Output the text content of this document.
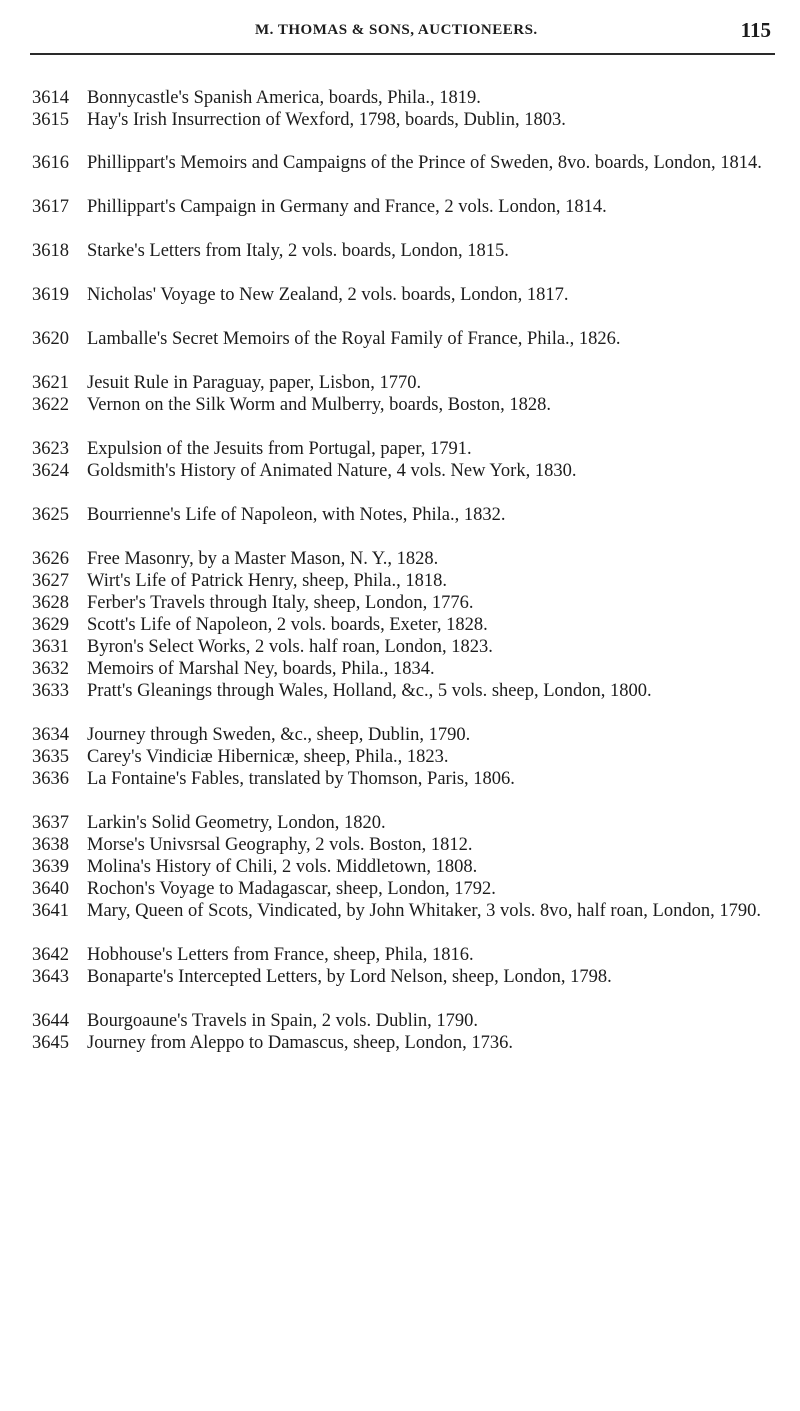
M. THOMAS & SONS, AUCTIONEERS.	115
3614 Bonnycastle's Spanish America, boards, Phila., 1819.
3615 Hay's Irish Insurrection of Wexford, 1798, boards, Dublin, 1803.
3616 Phillippart's Memoirs and Campaigns of the Prince of Sweden, 8vo. boards, London, 1814.
3617 Phillippart's Campaign in Germany and France, 2 vols. London, 1814.
3618 Starke's Letters from Italy, 2 vols. boards, London, 1815.
3619 Nicholas' Voyage to New Zealand, 2 vols. boards, London, 1817.
3620 Lamballe's Secret Memoirs of the Royal Family of France, Phila., 1826.
3621 Jesuit Rule in Paraguay, paper, Lisbon, 1770.
3622 Vernon on the Silk Worm and Mulberry, boards, Boston, 1828.
3623 Expulsion of the Jesuits from Portugal, paper, 1791.
3624 Goldsmith's History of Animated Nature, 4 vols. New York, 1830.
3625 Bourrienne's Life of Napoleon, with Notes, Phila., 1832.
3626 Free Masonry, by a Master Mason, N. Y., 1828.
3627 Wirt's Life of Patrick Henry, sheep, Phila., 1818.
3628 Ferber's Travels through Italy, sheep, London, 1776.
3629 Scott's Life of Napoleon, 2 vols. boards, Exeter, 1828.
3631 Byron's Select Works, 2 vols. half roan, London, 1823.
3632 Memoirs of Marshal Ney, boards, Phila., 1834.
3633 Pratt's Gleanings through Wales, Holland, &c., 5 vols. sheep, London, 1800.
3634 Journey through Sweden, &c., sheep, Dublin, 1790.
3635 Carey's Vindiciæ Hibernicæ, sheep, Phila., 1823.
3636 La Fontaine's Fables, translated by Thomson, Paris, 1806.
3637 Larkin's Solid Geometry, London, 1820.
3638 Morse's Univsrsal Geography, 2 vols. Boston, 1812.
3639 Molina's History of Chili, 2 vols. Middletown, 1808.
3640 Rochon's Voyage to Madagascar, sheep, London, 1792.
3641 Mary, Queen of Scots, Vindicated, by John Whitaker, 3 vols. 8vo, half roan, London, 1790.
3642 Hobhouse's Letters from France, sheep, Phila, 1816.
3643 Bonaparte's Intercepted Letters, by Lord Nelson, sheep, London, 1798.
3644 Bourgoaune's Travels in Spain, 2 vols. Dublin, 1790.
3645 Journey from Aleppo to Damascus, sheep, London, 1736.
